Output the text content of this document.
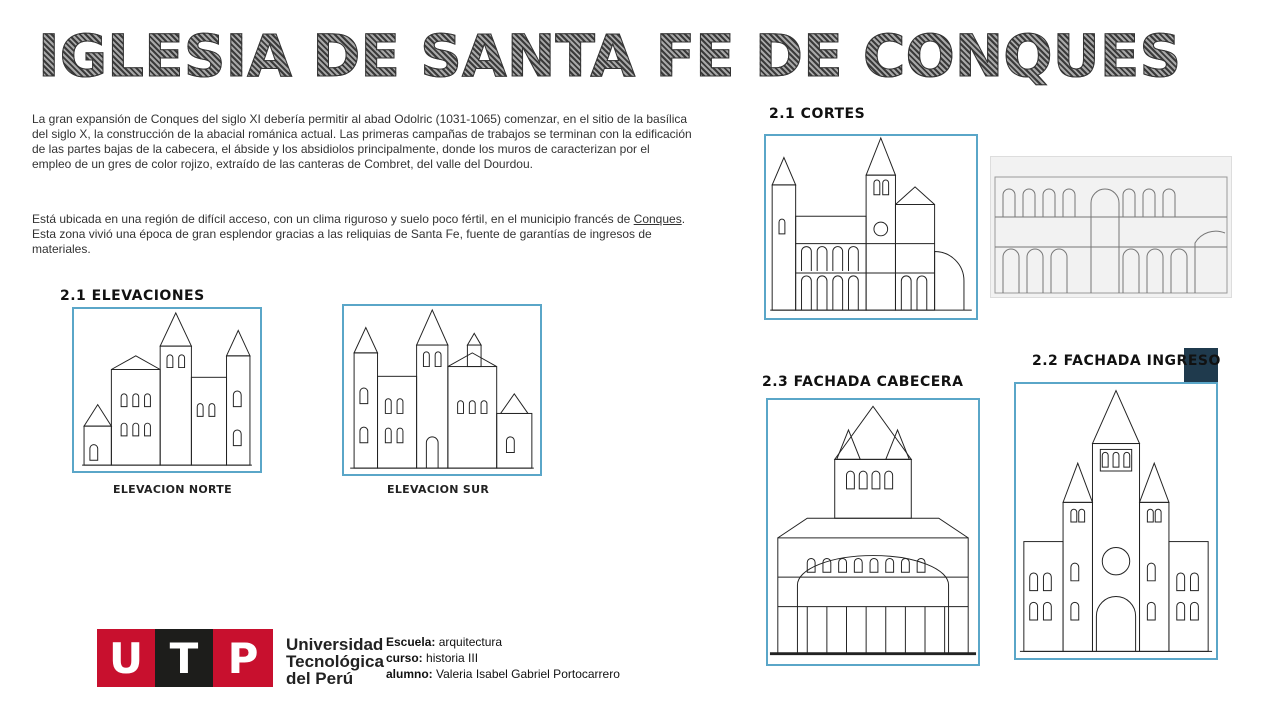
IGLESIA DE SANTA FE DE CONQUES

La gran expansión de Conques del siglo XI debería permitir al abad Odolric (1031-1065) comenzar, en el sitio de la basílica del siglo X, la construcción de la abacial románica actual. Las primeras campañas de trabajos se terminan con la edificación de las partes bajas de la cabecera, el ábside y los absidiolos principalmente, donde los muros de caracterizan por el empleo de un gres de color rojizo, extraído de las canteras de Combret, del valle del Dourdou.

Está ubicada en una región de difícil acceso, con un clima riguroso y suelo poco fértil, en el municipio francés de Conques. Esta zona vivió una época de gran esplendor gracias a las reliquias de Santa Fe, fuente de garantías de ingresos de materiales.

2.1 ELEVACIONES
ELEVACION NORTE	ELEVACION SUR
2.1 CORTES
2.2 FACHADA INGRESO
2.3 FACHADA CABECERA
U T P	Universidad
Tecnológica
del Perú
Escuela: arquitectura
curso: historia III
alumno: Valeria Isabel Gabriel Portocarrero
